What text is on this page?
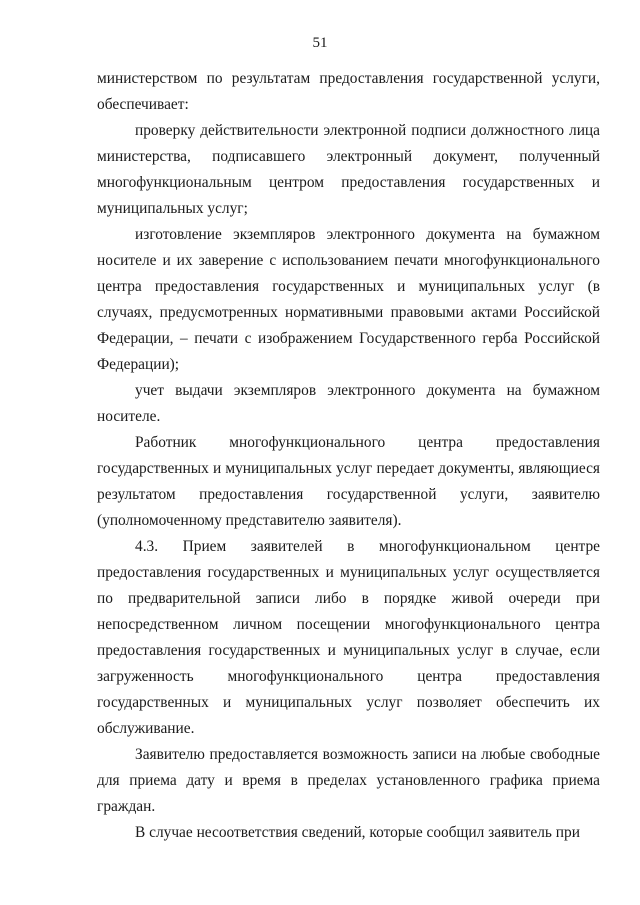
51

министерством по результатам предоставления государственной услуги, обеспечивает:

проверку действительности электронной подписи должностного лица министерства, подписавшего электронный документ, полученный многофункциональным центром предоставления государственных и муниципальных услуг;

изготовление экземпляров электронного документа на бумажном носителе и их заверение с использованием печати многофункционального центра предоставления государственных и муниципальных услуг (в случаях, предусмотренных нормативными правовыми актами Российской Федерации, – печати с изображением Государственного герба Российской Федерации);

учет выдачи экземпляров электронного документа на бумажном носителе.

Работник многофункционального центра предоставления государственных и муниципальных услуг передает документы, являющиеся результатом предоставления государственной услуги, заявителю (уполномоченному представителю заявителя).

4.3. Прием заявителей в многофункциональном центре предоставления государственных и муниципальных услуг осуществляется по предварительной записи либо в порядке живой очереди при непосредственном личном посещении многофункционального центра предоставления государственных и муниципальных услуг в случае, если загруженность многофункционального центра предоставления государственных и муниципальных услуг позволяет обеспечить их обслуживание.

Заявителю предоставляется возможность записи на любые свободные для приема дату и время в пределах установленного графика приема граждан.

В случае несоответствия сведений, которые сообщил заявитель при
